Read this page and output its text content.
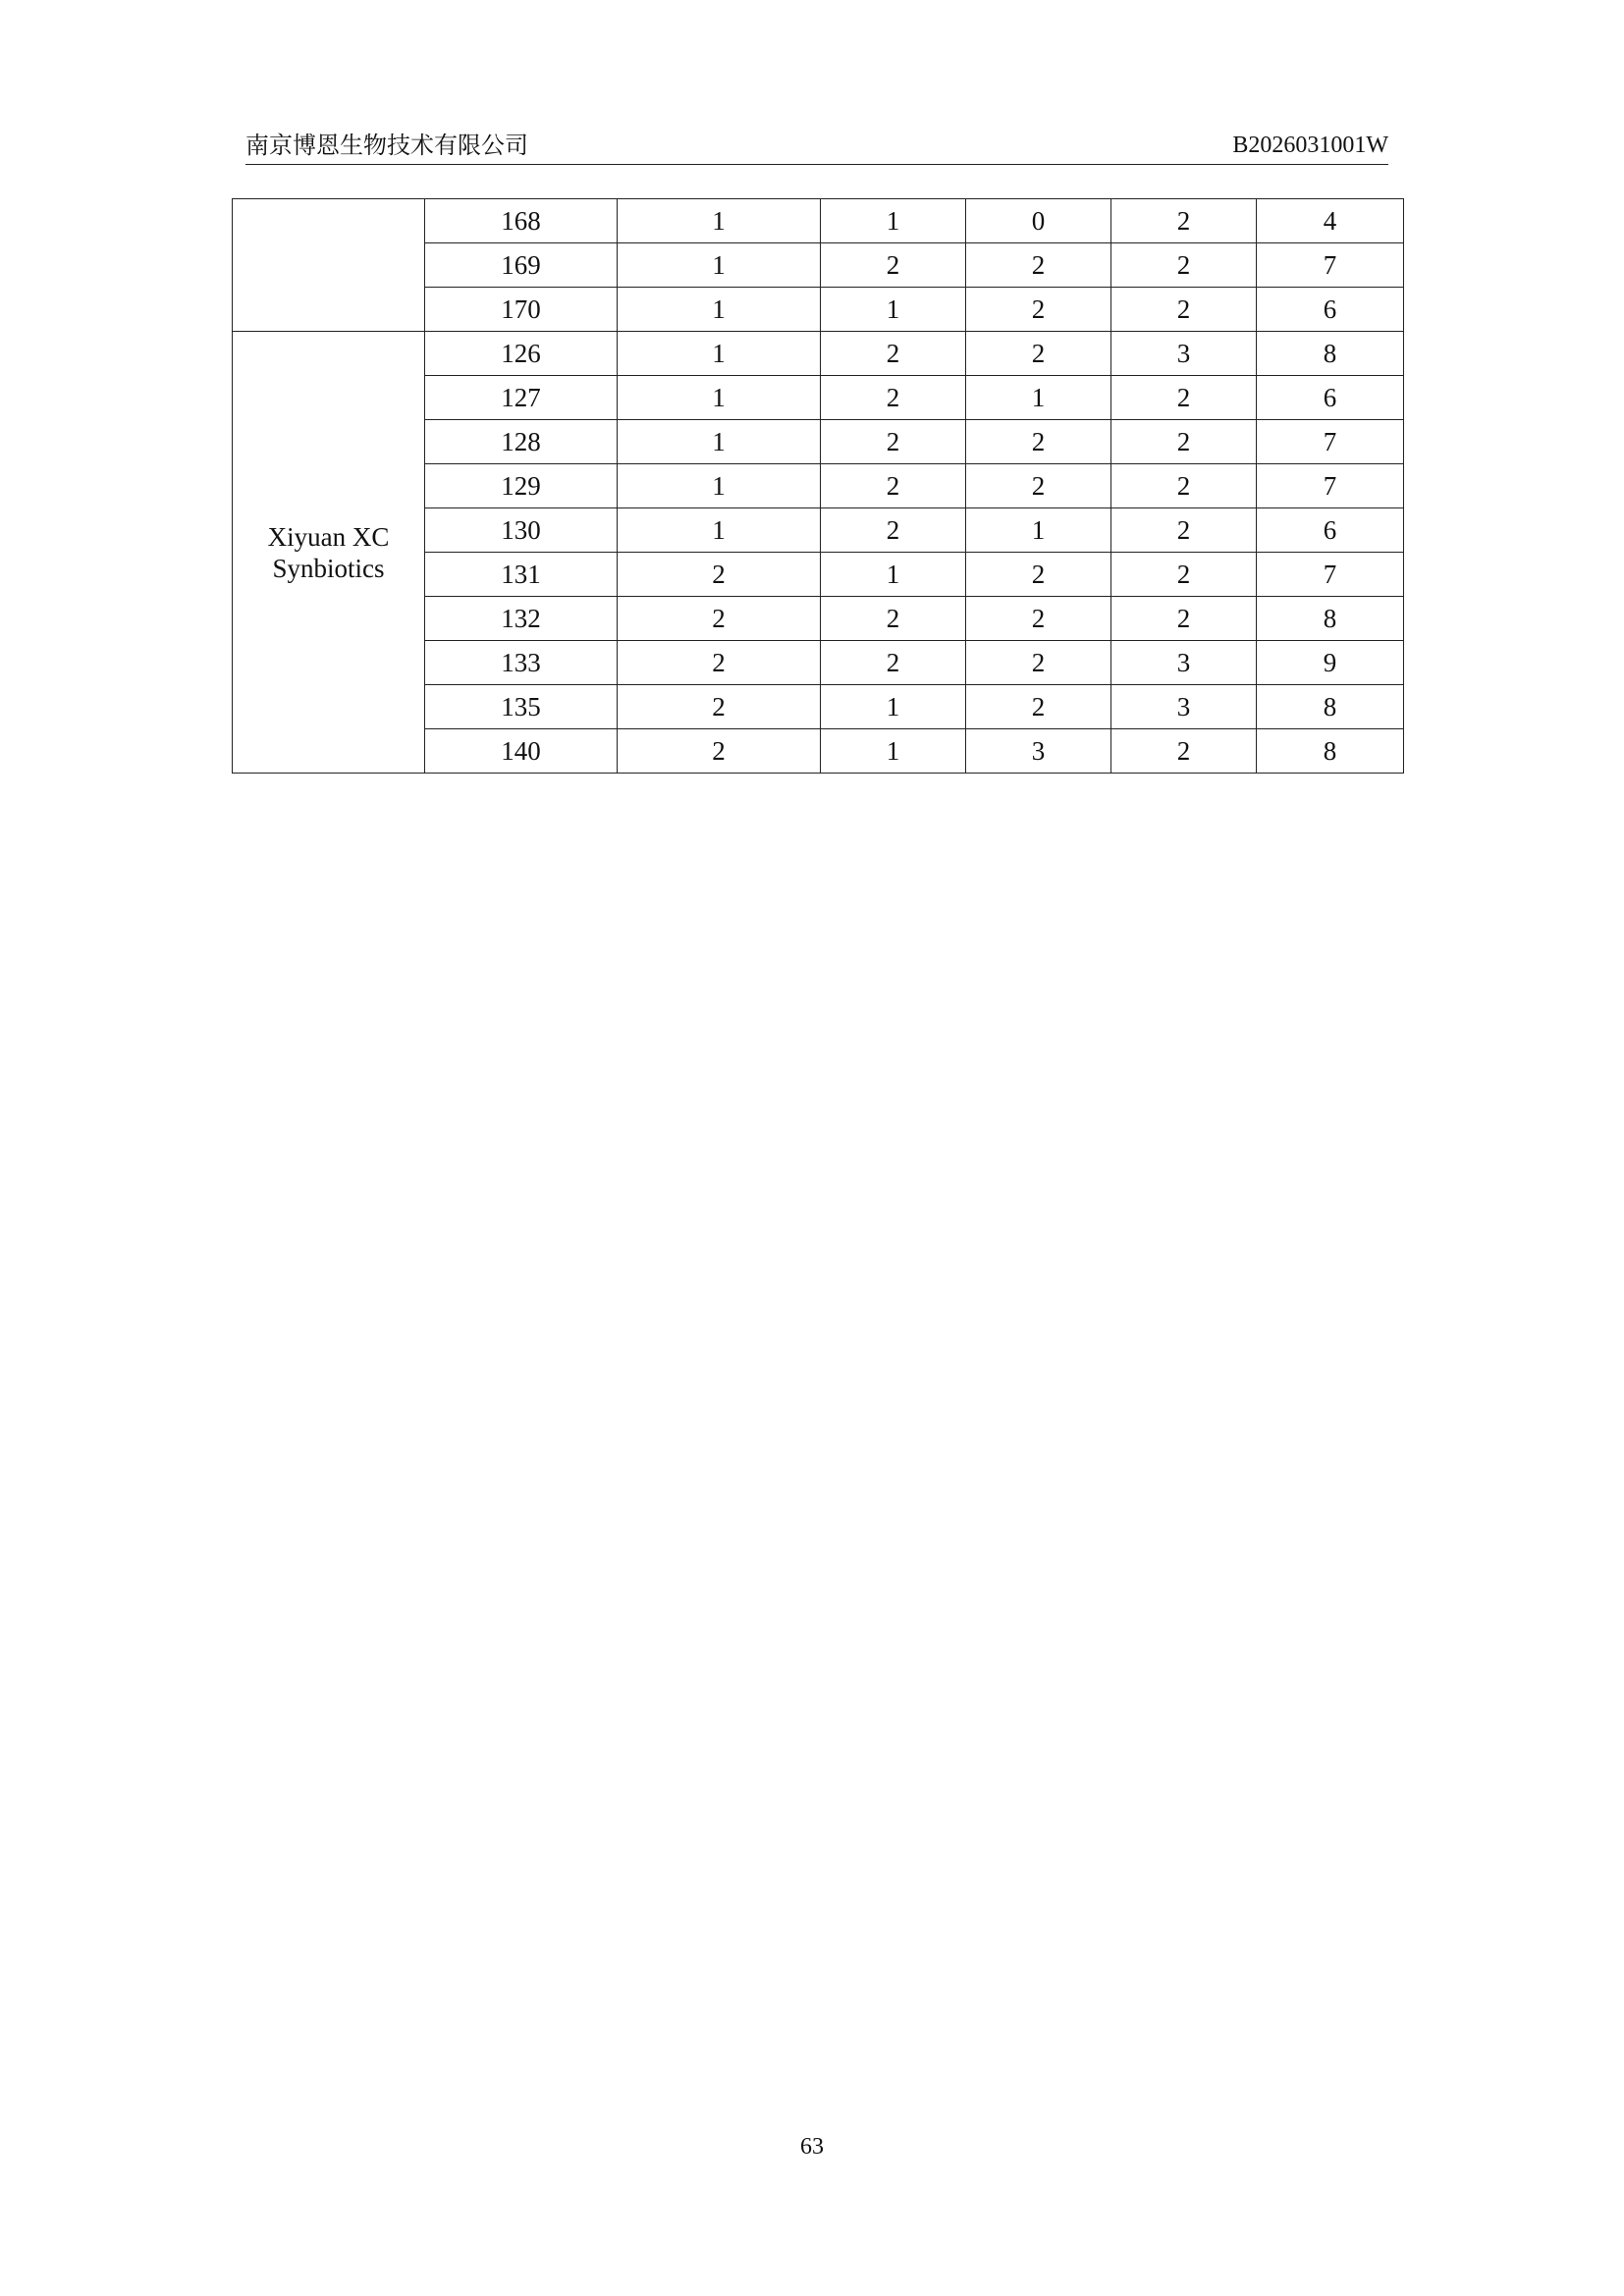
南京博恩生物技术有限公司	B2026031001W
	168	1	1	0	2	4
	169	1	2	2	2	7
	170	1	1	2	2	6

Xiyuan XC
Synbiotics	126	1	2	2	3	8
	127	1	2	1	2	6
	128	1	2	2	2	7
	129	1	2	2	2	7
	130	1	2	1	2	6
	131	2	1	2	2	7
	132	2	2	2	2	8
	133	2	2	2	3	9
	135	2	1	2	3	8
	140	2	1	3	2	8
63
